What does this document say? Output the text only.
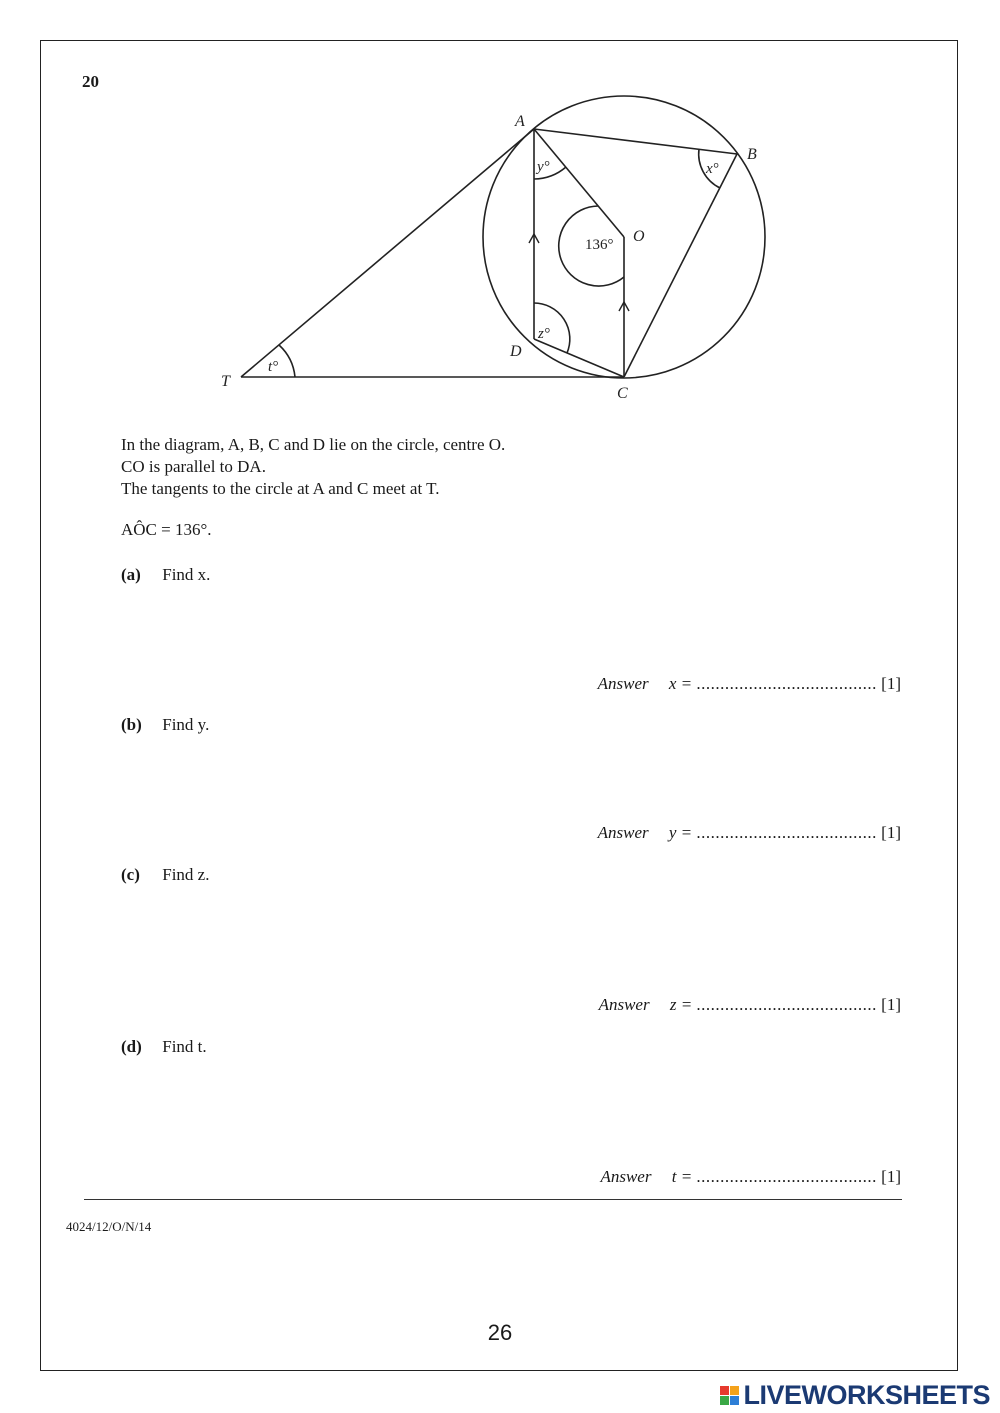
20
A
B
C
D
O
T
y°	x°
z°
t°
136°
In the diagram, A, B, C and D lie on the circle, centre O.
CO is parallel to DA.
The tangents to the circle at A and C meet at T.
AÔC = 136°.
(a) Find x.
Answer x = ...................................... [1]
(b) Find y.
Answer y = ...................................... [1]
(c) Find z.
Answer z = ...................................... [1]
(d) Find t.
Answer t = ...................................... [1]
4024/12/O/N/14
26
LIVEWORKSHEETS
